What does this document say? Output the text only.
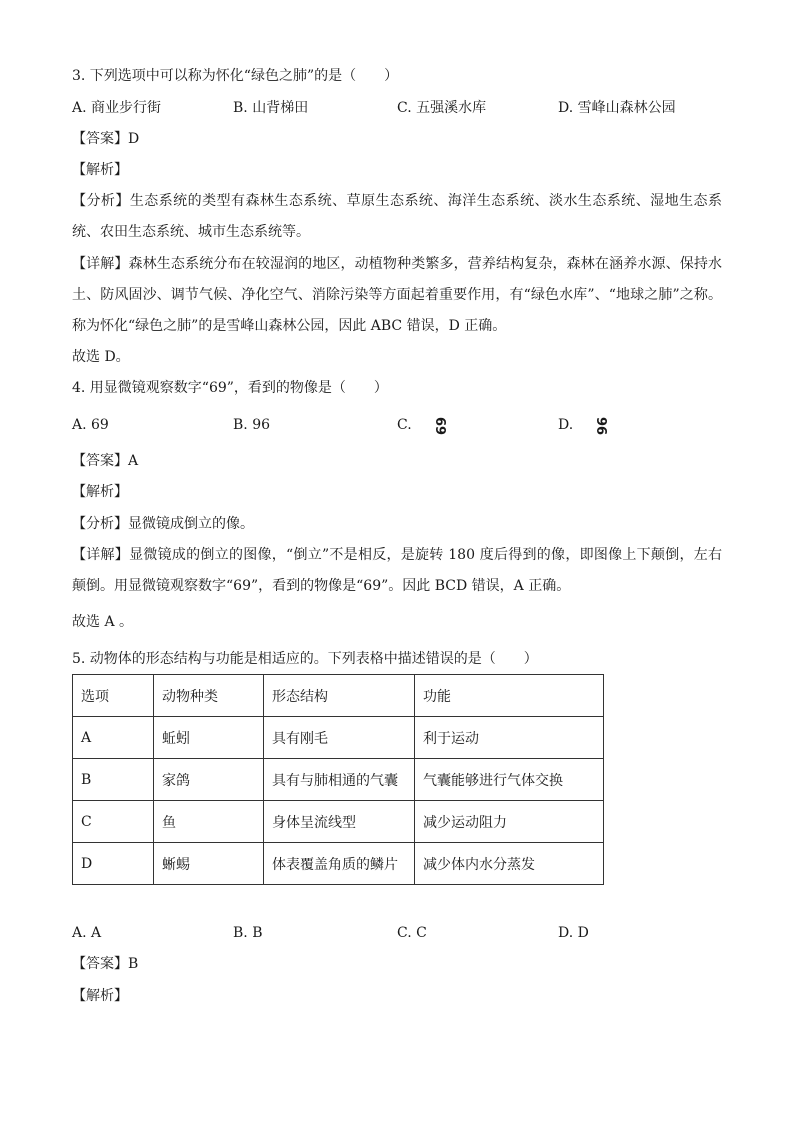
3. 下列选项中可以称为怀化“绿色之肺”的是（　　）
A. 商业步行街	B. 山背梯田	C. 五强溪水库	D. 雪峰山森林公园
【答案】D
【解析】
【分析】生态系统的类型有森林生态系统、草原生态系统、海洋生态系统、淡水生态系统、湿地生态系统、农田生态系统、城市生态系统等。
【详解】森林生态系统分布在较湿润的地区，动植物种类繁多，营养结构复杂，森林在涵养水源、保持水土、防风固沙、调节气候、净化空气、消除污染等方面起着重要作用，有“绿色水库”、“地球之肺”之称。称为怀化“绿色之肺”的是雪峰山森林公园，因此 ABC 错误，D 正确。
故选 D。
4. 用显微镜观察数字“69”，看到的物像是（　　）
A. 69	B. 96	C. 69	D. 96
【答案】A
【解析】
【分析】显微镜成倒立的像。
【详解】显微镜成的倒立的图像，“倒立”不是相反，是旋转 180 度后得到的像，即图像上下颠倒，左右颠倒。用显微镜观察数字“69”，看到的物像是“69”。因此 BCD 错误，A 正确。
故选 A 。
5. 动物体的形态结构与功能是相适应的。下列表格中描述错误的是（　　）
选项	动物种类	形态结构	功能
A	蚯蚓	具有刚毛	利于运动
B	家鸽	具有与肺相通的气囊	气囊能够进行气体交换
C	鱼	身体呈流线型	减少运动阻力
D	蜥蜴	体表覆盖角质的鳞片	减少体内水分蒸发
A. A	B. B	C. C	D. D
【答案】B
【解析】
